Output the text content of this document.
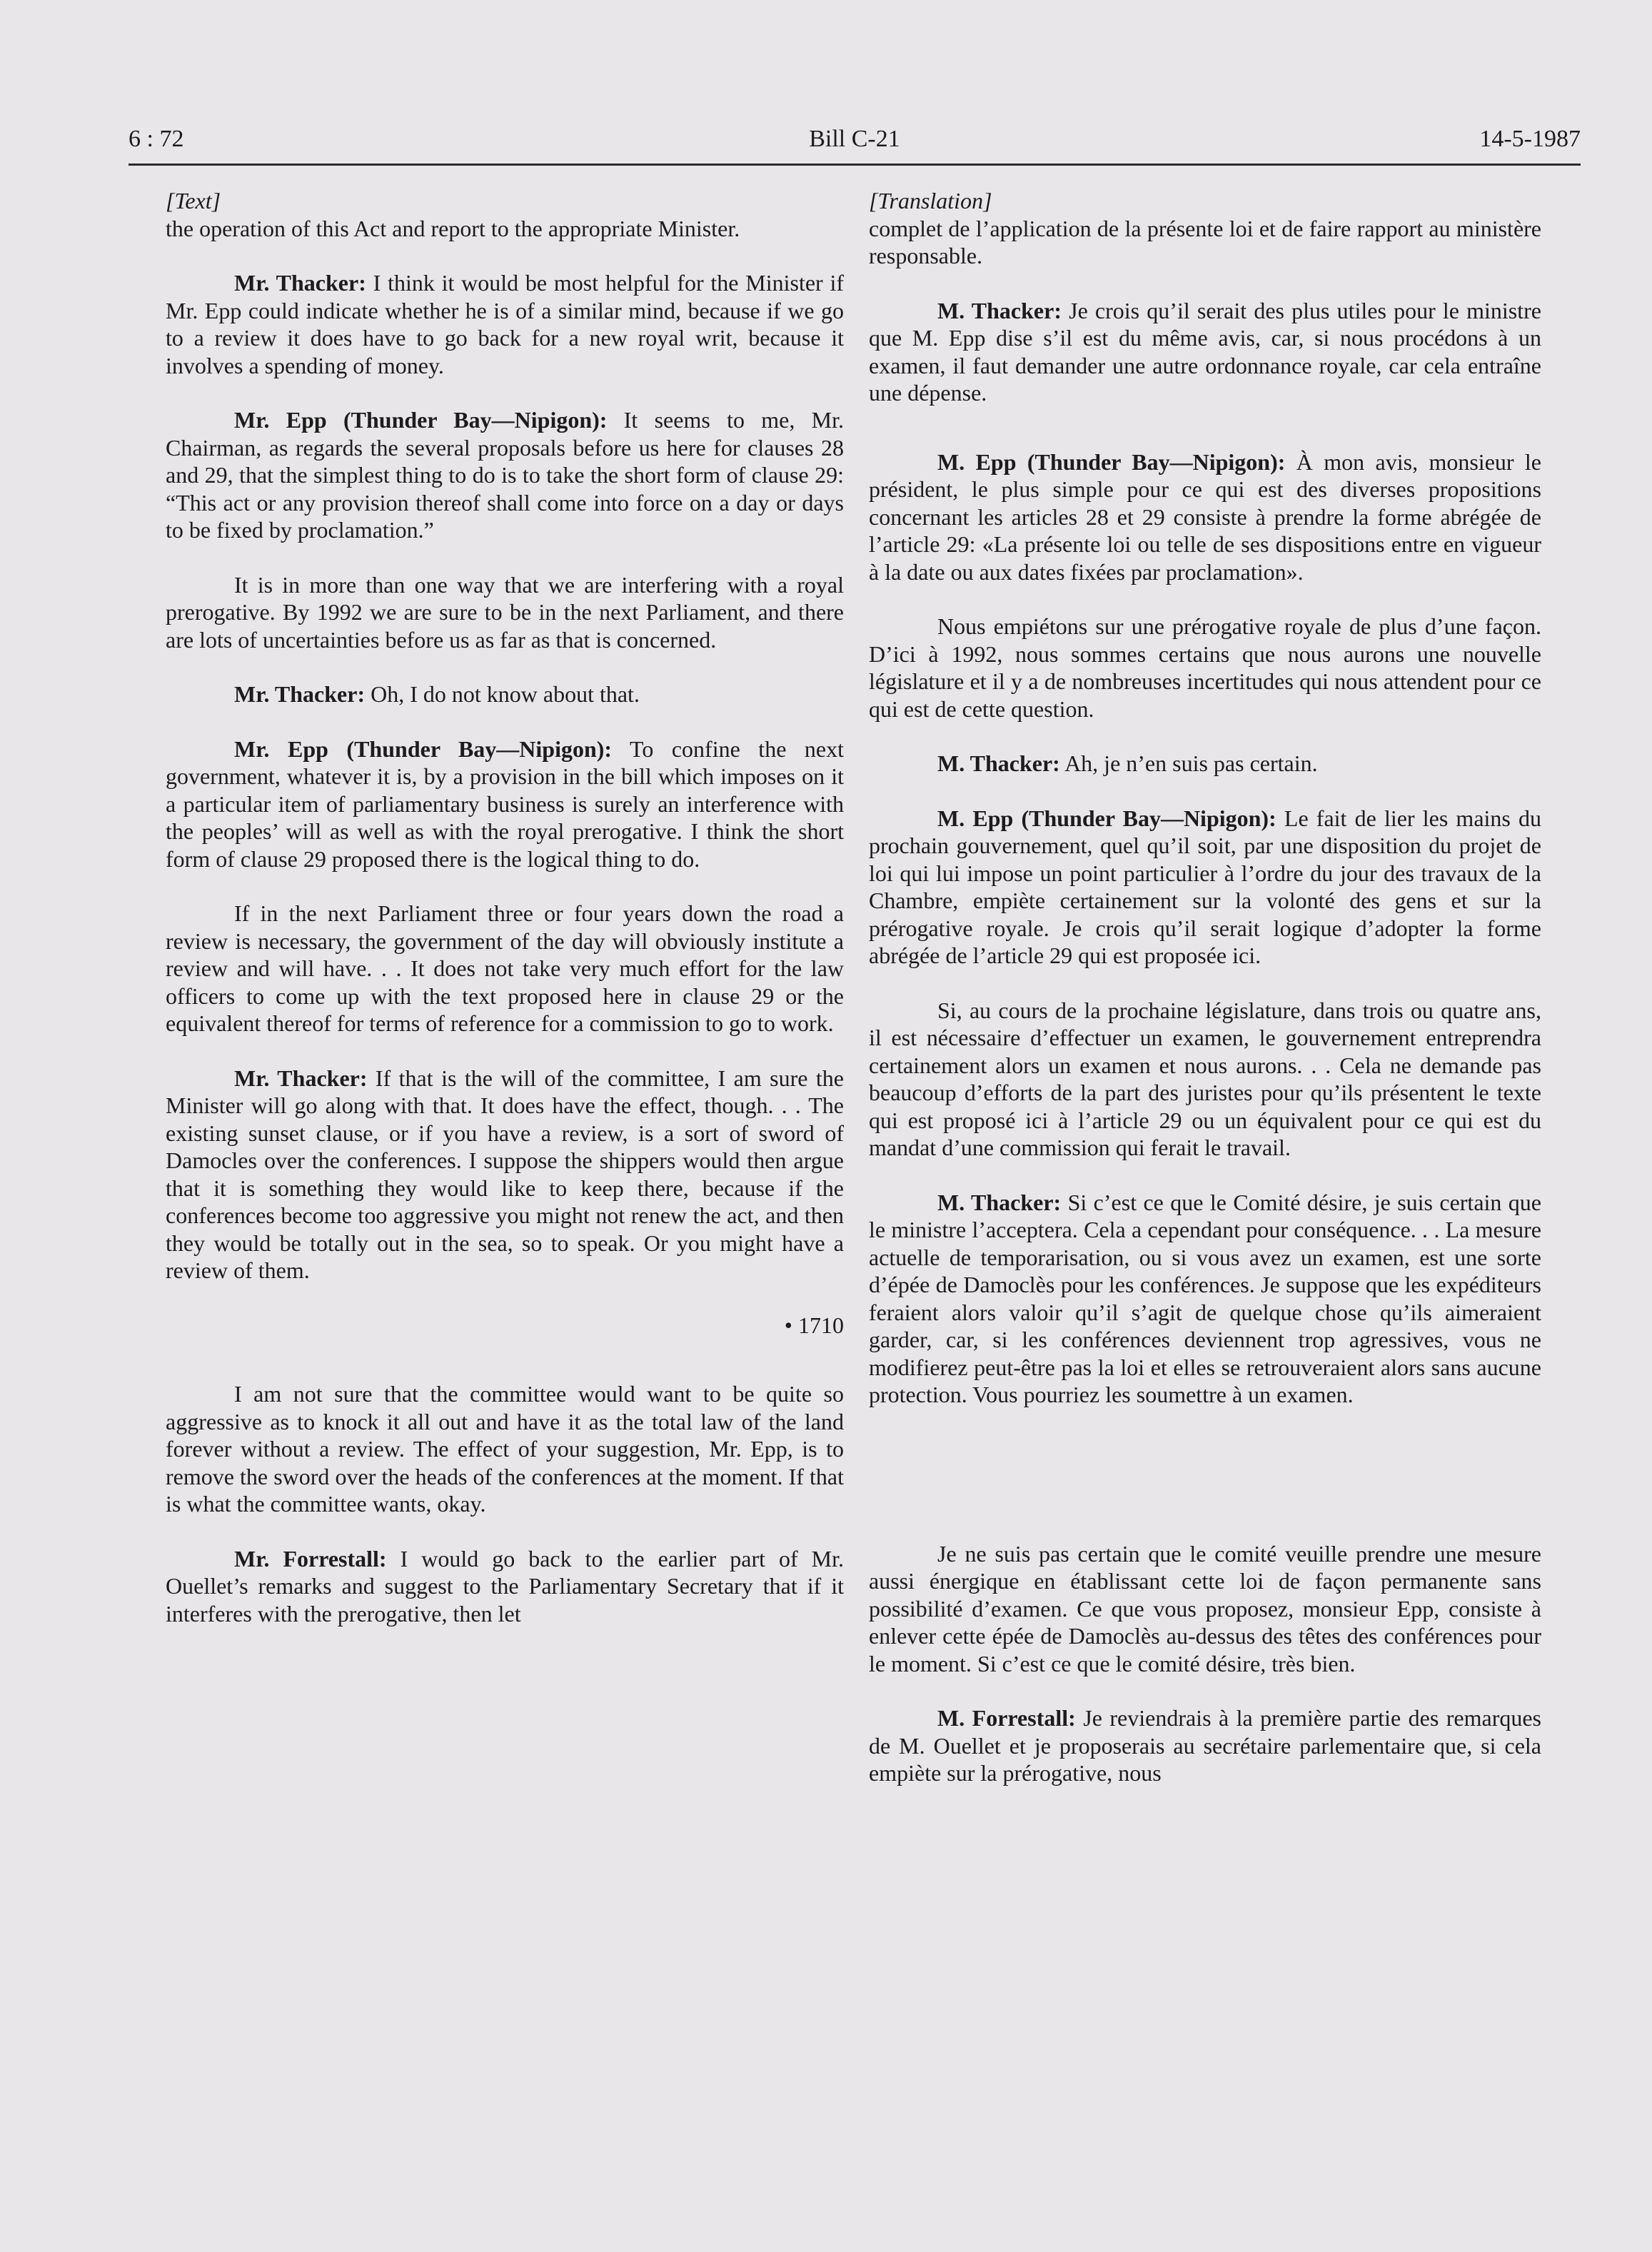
6 : 72	Bill C-21	14-5-1987

[Text]

the operation of this Act and report to the appropriate Minister.

Mr. Thacker: I think it would be most helpful for the Minister if Mr. Epp could indicate whether he is of a similar mind, because if we go to a review it does have to go back for a new royal writ, because it involves a spending of money.

Mr. Epp (Thunder Bay—Nipigon): It seems to me, Mr. Chairman, as regards the several proposals before us here for clauses 28 and 29, that the simplest thing to do is to take the short form of clause 29: “This act or any provision thereof shall come into force on a day or days to be fixed by proclamation.”

It is in more than one way that we are interfering with a royal prerogative. By 1992 we are sure to be in the next Parliament, and there are lots of uncertainties before us as far as that is concerned.

Mr. Thacker: Oh, I do not know about that.

Mr. Epp (Thunder Bay—Nipigon): To confine the next government, whatever it is, by a provision in the bill which imposes on it a particular item of parliamentary business is surely an interference with the peoples’ will as well as with the royal prerogative. I think the short form of clause 29 proposed there is the logical thing to do.

If in the next Parliament three or four years down the road a review is necessary, the government of the day will obviously institute a review and will have. . . It does not take very much effort for the law officers to come up with the text proposed here in clause 29 or the equivalent thereof for terms of reference for a commission to go to work.

Mr. Thacker: If that is the will of the committee, I am sure the Minister will go along with that. It does have the effect, though. . . The existing sunset clause, or if you have a review, is a sort of sword of Damocles over the conferences. I suppose the shippers would then argue that it is something they would like to keep there, because if the conferences become too aggressive you might not renew the act, and then they would be totally out in the sea, so to speak. Or you might have a review of them.

• 1710

I am not sure that the committee would want to be quite so aggressive as to knock it all out and have it as the total law of the land forever without a review. The effect of your suggestion, Mr. Epp, is to remove the sword over the heads of the conferences at the moment. If that is what the committee wants, okay.

Mr. Forrestall: I would go back to the earlier part of Mr. Ouellet’s remarks and suggest to the Parliamentary Secretary that if it interferes with the prerogative, then let

[Translation]

complet de l’application de la présente loi et de faire rapport au ministère responsable.

M. Thacker: Je crois qu’il serait des plus utiles pour le ministre que M. Epp dise s’il est du même avis, car, si nous procédons à un examen, il faut demander une autre ordonnance royale, car cela entraîne une dépense.

M. Epp (Thunder Bay—Nipigon): À mon avis, monsieur le président, le plus simple pour ce qui est des diverses propositions concernant les articles 28 et 29 consiste à prendre la forme abrégée de l’article 29: «La présente loi ou telle de ses dispositions entre en vigueur à la date ou aux dates fixées par proclamation».

Nous empiétons sur une prérogative royale de plus d’une façon. D’ici à 1992, nous sommes certains que nous aurons une nouvelle législature et il y a de nombreuses incertitudes qui nous attendent pour ce qui est de cette question.

M. Thacker: Ah, je n’en suis pas certain.

M. Epp (Thunder Bay—Nipigon): Le fait de lier les mains du prochain gouvernement, quel qu’il soit, par une disposition du projet de loi qui lui impose un point particulier à l’ordre du jour des travaux de la Chambre, empiète certainement sur la volonté des gens et sur la prérogative royale. Je crois qu’il serait logique d’adopter la forme abrégée de l’article 29 qui est proposée ici.

Si, au cours de la prochaine législature, dans trois ou quatre ans, il est nécessaire d’effectuer un examen, le gouvernement entreprendra certainement alors un examen et nous aurons. . . Cela ne demande pas beaucoup d’efforts de la part des juristes pour qu’ils présentent le texte qui est proposé ici à l’article 29 ou un équivalent pour ce qui est du mandat d’une commission qui ferait le travail.

M. Thacker: Si c’est ce que le Comité désire, je suis certain que le ministre l’acceptera. Cela a cependant pour conséquence. . . La mesure actuelle de temporarisation, ou si vous avez un examen, est une sorte d’épée de Damoclès pour les conférences. Je suppose que les expéditeurs feraient alors valoir qu’il s’agit de quelque chose qu’ils aimeraient garder, car, si les conférences deviennent trop agressives, vous ne modifierez peut-être pas la loi et elles se retrouveraient alors sans aucune protection. Vous pourriez les soumettre à un examen.

Je ne suis pas certain que le comité veuille prendre une mesure aussi énergique en établissant cette loi de façon permanente sans possibilité d’examen. Ce que vous proposez, monsieur Epp, consiste à enlever cette épée de Damoclès au-dessus des têtes des conférences pour le moment. Si c’est ce que le comité désire, très bien.

M. Forrestall: Je reviendrais à la première partie des remarques de M. Ouellet et je proposerais au secrétaire parlementaire que, si cela empiète sur la prérogative, nous
